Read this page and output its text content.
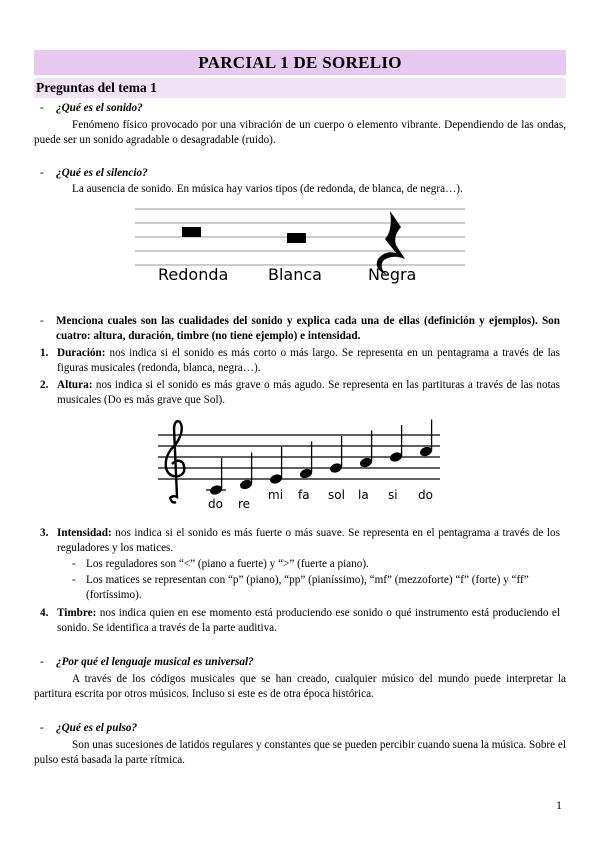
PARCIAL 1 DE SORELIO
Preguntas del tema 1
- ¿Qué es el sonido?
Fenómeno físico provocado por una vibración de un cuerpo o elemento vibrante. Dependiendo de las ondas, puede ser un sonido agradable o desagradable (ruido).
- ¿Qué es el silencio?
La ausencia de sonido. En música hay varios tipos (de redonda, de blanca, de negra…).
Redonda Blanca	Negra
- Menciona cuales son las cualidades del sonido y explica cada una de ellas (definición y ejemplos). Son cuatro: altura, duración, timbre (no tiene ejemplo) e intensidad.
1. Duración: nos indica si el sonido es más corto o más largo. Se representa en un pentagrama a través de las figuras musicales (redonda, blanca, negra…).
2. Altura: nos indica si el sonido es más grave o más agudo. Se representa en las partituras a través de las notas musicales (Do es más grave que Sol).
do re
mi fa sol la si do
3. Intensidad: nos indica si el sonido es más fuerte o más suave. Se representa en el pentagrama a través de los reguladores y los matices.
- Los reguladores son “<” (piano a fuerte) y “>” (fuerte a piano).
- Los matices se representan con “p” (piano), “pp” (pianíssimo), “mf” (mezzoforte) “f” (forte) y “ff” (fortíssimo).
4. Timbre: nos indica quien en ese momento está produciendo ese sonido o qué instrumento está produciendo el sonido. Se identifica a través de la parte auditiva.
- ¿Por qué el lenguaje musical es universal?
A través de los códigos musicales que se han creado, cualquier músico del mundo puede interpretar la partitura escrita por otros músicos. Incluso si este es de otra época histórica.
- ¿Qué es el pulso?
Son unas sucesiones de latidos regulares y constantes que se pueden percibir cuando suena la música. Sobre el pulso está basada la parte rítmica.
1
